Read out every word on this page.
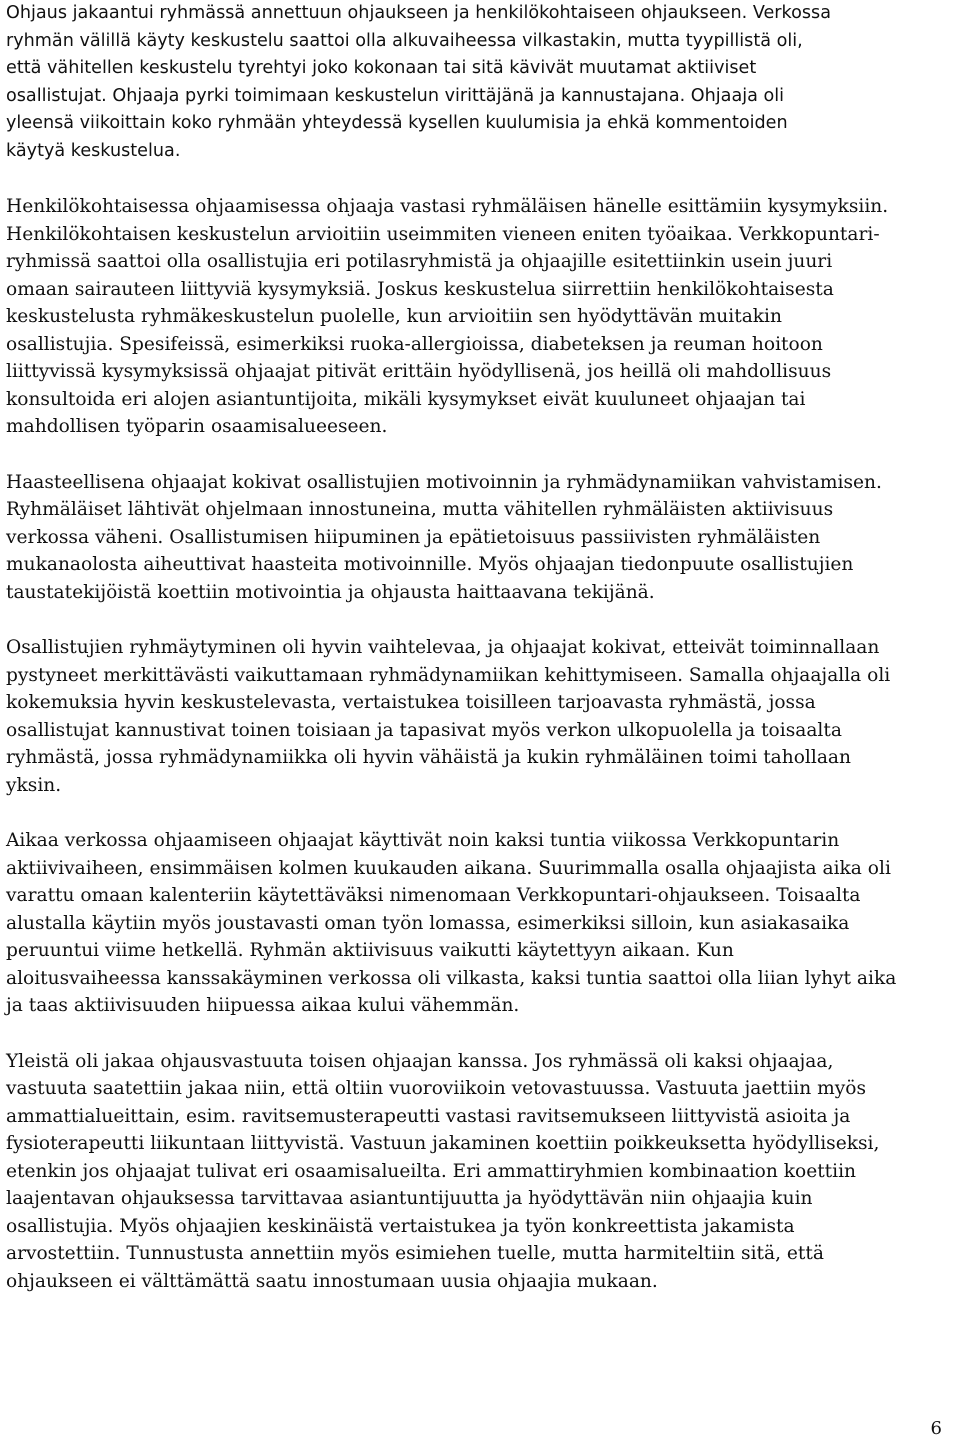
Ohjaus jakaantui ryhmässä annettuun ohjaukseen ja henkilökohtaiseen ohjaukseen. Verkossa
ryhmän välillä käyty keskustelu saattoi olla alkuvaiheessa vilkastakin, mutta tyypillistä oli,
että vähitellen keskustelu tyrehtyi joko kokonaan tai sitä kävivät muutamat aktiiviset
osallistujat. Ohjaaja pyrki toimimaan keskustelun virittäjänä ja kannustajana. Ohjaaja oli
yleensä viikoittain koko ryhmään yhteydessä kysellen kuulumisia ja ehkä kommentoiden
käytyä keskustelua.

Henkilökohtaisessa ohjaamisessa ohjaaja vastasi ryhmäläisen hänelle esittämiin kysymyksiin.
Henkilökohtaisen keskustelun arvioitiin useimmiten vieneen eniten työaikaa. Verkkopuntari-
ryhmissä saattoi olla osallistujia eri potilasryhmistä ja ohjaajille esitettiinkin usein juuri
omaan sairauteen liittyviä kysymyksiä. Joskus keskustelua siirrettiin henkilökohtaisesta
keskustelusta ryhmäkeskustelun puolelle, kun arvioitiin sen hyödyttävän muitakin
osallistujia. Spesifeissä, esimerkiksi ruoka-allergioissa, diabeteksen ja reuman hoitoon
liittyvissä kysymyksissä ohjaajat pitivät erittäin hyödyllisenä, jos heillä oli mahdollisuus
konsultoida eri alojen asiantuntijoita, mikäli kysymykset eivät kuuluneet ohjaajan tai
mahdollisen työparin osaamisalueeseen.

Haasteellisena ohjaajat kokivat osallistujien motivoinnin ja ryhmädynamiikan vahvistamisen.
Ryhmäläiset lähtivät ohjelmaan innostuneina, mutta vähitellen ryhmäläisten aktiivisuus
verkossa väheni. Osallistumisen hiipuminen ja epätietoisuus passiivisten ryhmäläisten
mukanaolosta aiheuttivat haasteita motivoinnille. Myös ohjaajan tiedonpuute osallistujien
taustatekijöistä koettiin motivointia ja ohjausta haittaavana tekijänä.

Osallistujien ryhmäytyminen oli hyvin vaihtelevaa, ja ohjaajat kokivat, etteivät toiminnallaan
pystyneet merkittävästi vaikuttamaan ryhmädynamiikan kehittymiseen. Samalla ohjaajalla oli
kokemuksia hyvin keskustelevasta, vertaistukea toisilleen tarjoavasta ryhmästä, jossa
osallistujat kannustivat toinen toisiaan ja tapasivat myös verkon ulkopuolella ja toisaalta
ryhmästä, jossa ryhmädynamiikka oli hyvin vähäistä ja kukin ryhmäläinen toimi tahollaan
yksin.

Aikaa verkossa ohjaamiseen ohjaajat käyttivät noin kaksi tuntia viikossa Verkkopuntarin
aktiivivaiheen, ensimmäisen kolmen kuukauden aikana. Suurimmalla osalla ohjaajista aika oli
varattu omaan kalenteriin käytettäväksi nimenomaan Verkkopuntari-ohjaukseen. Toisaalta
alustalla käytiin myös joustavasti oman työn lomassa, esimerkiksi silloin, kun asiakasaika
peruuntui viime hetkellä. Ryhmän aktiivisuus vaikutti käytettyyn aikaan. Kun
aloitusvaiheessa kanssakäyminen verkossa oli vilkasta, kaksi tuntia saattoi olla liian lyhyt aika
ja taas aktiivisuuden hiipuessa aikaa kului vähemmän.

Yleistä oli jakaa ohjausvastuuta toisen ohjaajan kanssa. Jos ryhmässä oli kaksi ohjaajaa,
vastuuta saatettiin jakaa niin, että oltiin vuoroviikoin vetovastuussa. Vastuuta jaettiin myös
ammattialueittain, esim. ravitsemusterapeutti vastasi ravitsemukseen liittyvistä asioita ja
fysioterapeutti liikuntaan liittyvistä. Vastuun jakaminen koettiin poikkeuksetta hyödylliseksi,
etenkin jos ohjaajat tulivat eri osaamisalueilta. Eri ammattiryhmien kombinaation koettiin
laajentavan ohjauksessa tarvittavaa asiantuntijuutta ja hyödyttävän niin ohjaajia kuin
osallistujia. Myös ohjaajien keskinäistä vertaistukea ja työn konkreettista jakamista
arvostettiin. Tunnustusta annettiin myös esimiehen tuelle, mutta harmiteltiin sitä, että
ohjaukseen ei välttämättä saatu innostumaan uusia ohjaajia mukaan.

6
